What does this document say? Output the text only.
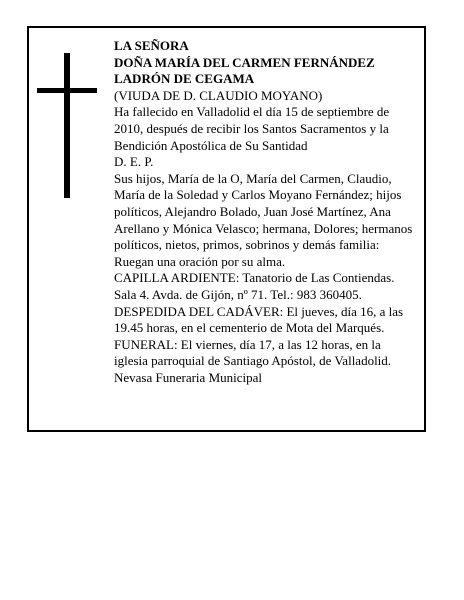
LA SEÑORA

DOÑA MARÍA DEL CARMEN FERNÁNDEZ

LADRÓN DE CEGAMA

(VIUDA DE D. CLAUDIO MOYANO)

Ha fallecido en Valladolid el día 15 de septiembre de 2010, después de recibir los Santos Sacramentos y la Bendición Apostólica de Su Santidad

D. E. P.

Sus hijos, María de la O, María del Carmen, Claudio, María de la Soledad y Carlos Moyano Fernández; hijos políticos, Alejandro Bolado, Juan José Martínez, Ana Arellano y Mónica Velasco; hermana, Dolores; hermanos políticos, nietos, primos, sobrinos y demás familia:

Ruegan una oración por su alma.

CAPILLA ARDIENTE: Tanatorio de Las Contiendas. Sala 4. Avda. de Gijón, nº 71. Tel.: 983 360405.

DESPEDIDA DEL CADÁVER: El jueves, día 16, a las 19.45 horas, en el cementerio de Mota del Marqués.

FUNERAL: El viernes, día 17, a las 12 horas, en la iglesia parroquial de Santiago Apóstol, de Valladolid.

Nevasa Funeraria Municipal
